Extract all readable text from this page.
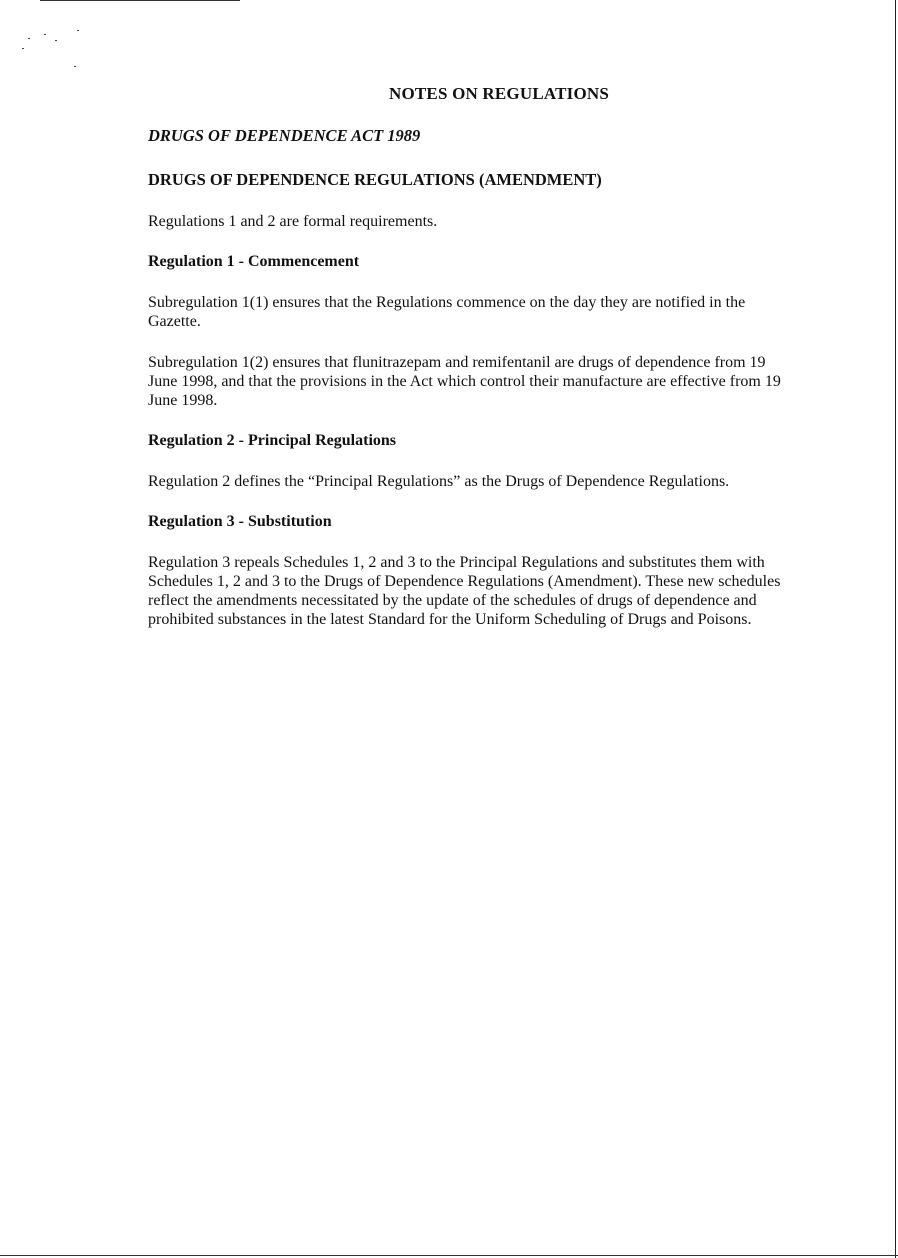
NOTES ON REGULATIONS
DRUGS OF DEPENDENCE ACT 1989
DRUGS OF DEPENDENCE REGULATIONS (AMENDMENT)
Regulations 1 and 2 are formal requirements.
Regulation 1 - Commencement
Subregulation 1(1) ensures that the Regulations commence on the day they are notified in the Gazette.
Subregulation 1(2) ensures that flunitrazepam and remifentanil are drugs of dependence from 19 June 1998, and that the provisions in the Act which control their manufacture are effective from 19 June 1998.
Regulation 2 - Principal Regulations
Regulation 2 defines the “Principal Regulations” as the Drugs of Dependence Regulations.
Regulation 3 - Substitution
Regulation 3 repeals Schedules 1, 2 and 3 to the Principal Regulations and substitutes them with Schedules 1, 2 and 3 to the Drugs of Dependence Regulations (Amendment). These new schedules reflect the amendments necessitated by the update of the schedules of drugs of dependence and prohibited substances in the latest Standard for the Uniform Scheduling of Drugs and Poisons.
